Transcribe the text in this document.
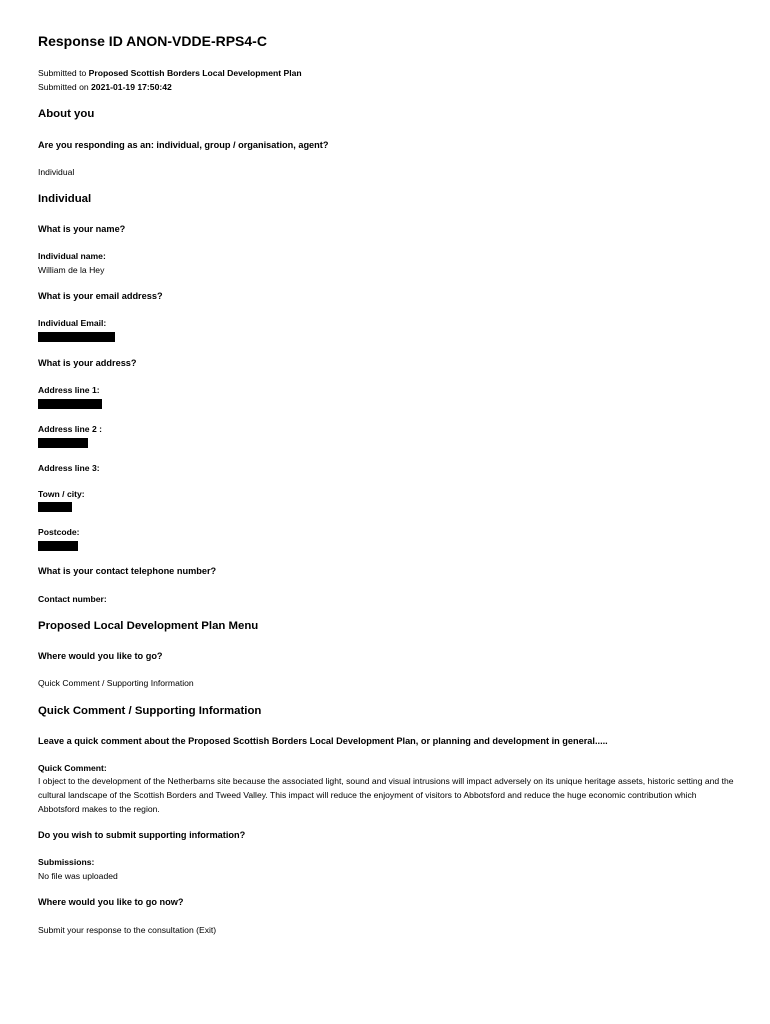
Response ID ANON-VDDE-RPS4-C
Submitted to Proposed Scottish Borders Local Development Plan
Submitted on 2021-01-19 17:50:42
About you
Are you responding as an: individual, group / organisation, agent?
Individual
Individual
What is your name?
Individual name:
William de la Hey
What is your email address?
Individual Email:
What is your address?
Address line 1:
Address line 2 :
Address line 3:
Town / city:
Postcode:
What is your contact telephone number?
Contact number:
Proposed Local Development Plan Menu
Where would you like to go?
Quick Comment / Supporting Information
Quick Comment / Supporting Information
Leave a quick comment about the Proposed Scottish Borders Local Development Plan, or planning and development in general.....
Quick Comment:
I object to the development of the Netherbarns site because the associated light, sound and visual intrusions will impact adversely on its unique heritage assets, historic setting and the cultural landscape of the Scottish Borders and Tweed Valley. This impact will reduce the enjoyment of visitors to Abbotsford and reduce the huge economic contribution which Abbotsford makes to the region.
Do you wish to submit supporting information?
Submissions:
No file was uploaded
Where would you like to go now?
Submit your response to the consultation (Exit)
